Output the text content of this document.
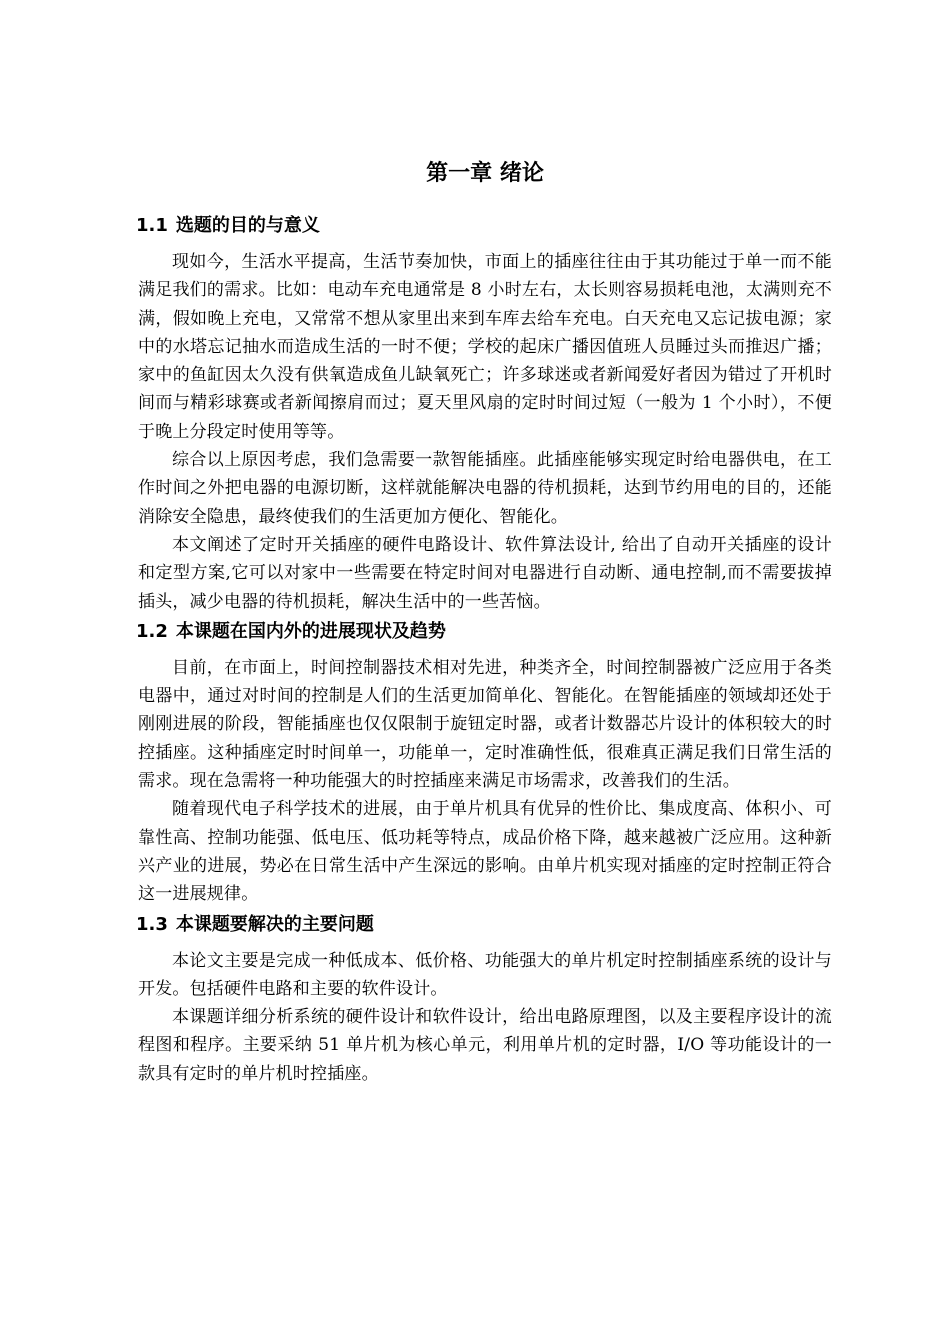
第一章 绪论
1.1 选题的目的与意义

现如今，生活水平提高，生活节奏加快，市面上的插座往往由于其功能过于单一而不能满足我们的需求。比如：电动车充电通常是 8 小时左右，太长则容易损耗电池，太满则充不满，假如晚上充电，又常常不想从家里出来到车库去给车充电。白天充电又忘记拔电源；家中的水塔忘记抽水而造成生活的一时不便；学校的起床广播因值班人员睡过头而推迟广播；家中的鱼缸因太久没有供氧造成鱼儿缺氧死亡；许多球迷或者新闻爱好者因为错过了开机时间而与精彩球赛或者新闻擦肩而过；夏天里风扇的定时时间过短（一般为 1 个小时），不便于晚上分段定时使用等等。

综合以上原因考虑，我们急需要一款智能插座。此插座能够实现定时给电器供电，在工作时间之外把电器的电源切断，这样就能解决电器的待机损耗，达到节约用电的目的，还能消除安全隐患，最终使我们的生活更加方便化、智能化。

本文阐述了定时开关插座的硬件电路设计、软件算法设计, 给出了自动开关插座的设计和定型方案,它可以对家中一些需要在特定时间对电器进行自动断、通电控制,而不需要拔掉插头，减少电器的待机损耗，解决生活中的一些苦恼。

1.2 本课题在国内外的进展现状及趋势

目前，在市面上，时间控制器技术相对先进，种类齐全，时间控制器被广泛应用于各类电器中，通过对时间的控制是人们的生活更加简单化、智能化。在智能插座的领域却还处于刚刚进展的阶段，智能插座也仅仅限制于旋钮定时器，或者计数器芯片设计的体积较大的时控插座。这种插座定时时间单一，功能单一，定时准确性低，很难真正满足我们日常生活的需求。现在急需将一种功能强大的时控插座来满足市场需求，改善我们的生活。

随着现代电子科学技术的进展，由于单片机具有优异的性价比、集成度高、体积小、可靠性高、控制功能强、低电压、低功耗等特点，成品价格下降，越来越被广泛应用。这种新兴产业的进展，势必在日常生活中产生深远的影响。由单片机实现对插座的定时控制正符合这一进展规律。

1.3 本课题要解决的主要问题

本论文主要是完成一种低成本、低价格、功能强大的单片机定时控制插座系统的设计与开发。包括硬件电路和主要的软件设计。

本课题详细分析系统的硬件设计和软件设计，给出电路原理图，以及主要程序设计的流程图和程序。主要采纳 51 单片机为核心单元，利用单片机的定时器，I/O 等功能设计的一款具有定时的单片机时控插座。
